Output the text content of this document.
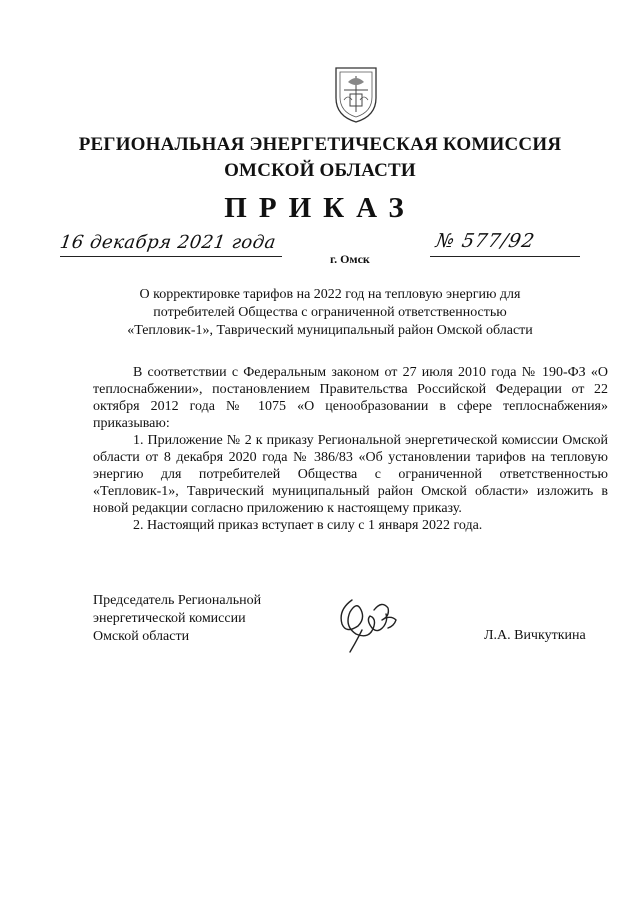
РЕГИОНАЛЬНАЯ ЭНЕРГЕТИЧЕСКАЯ КОМИССИЯ
ОМСКОЙ ОБЛАСТИ
ПРИКАЗ
16 декабря 2021 года
г. Омск
№ 577/92
О корректировке тарифов на 2022 год на тепловую энергию для
потребителей Общества с ограниченной ответственностью
«Тепловик-1», Таврический муниципальный район Омской области

В соответствии с Федеральным законом от 27 июля 2010 года № 190-ФЗ «О теплоснабжении», постановлением Правительства Российской Федерации от 22 октября 2012 года № 1075 «О ценообразовании в сфере теплоснабжения» приказываю:

1. Приложение № 2 к приказу Региональной энергетической комиссии Омской области от 8 декабря 2020 года № 386/83 «Об установлении тарифов на тепловую энергию для потребителей Общества с ограниченной ответственностью «Тепловик-1», Таврический муниципальный район Омской области» изложить в новой редакции согласно приложению к настоящему приказу.

2. Настоящий приказ вступает в силу с 1 января 2022 года.

Председатель Региональной
энергетической комиссии
Омской области	Л.А. Вичкуткина
